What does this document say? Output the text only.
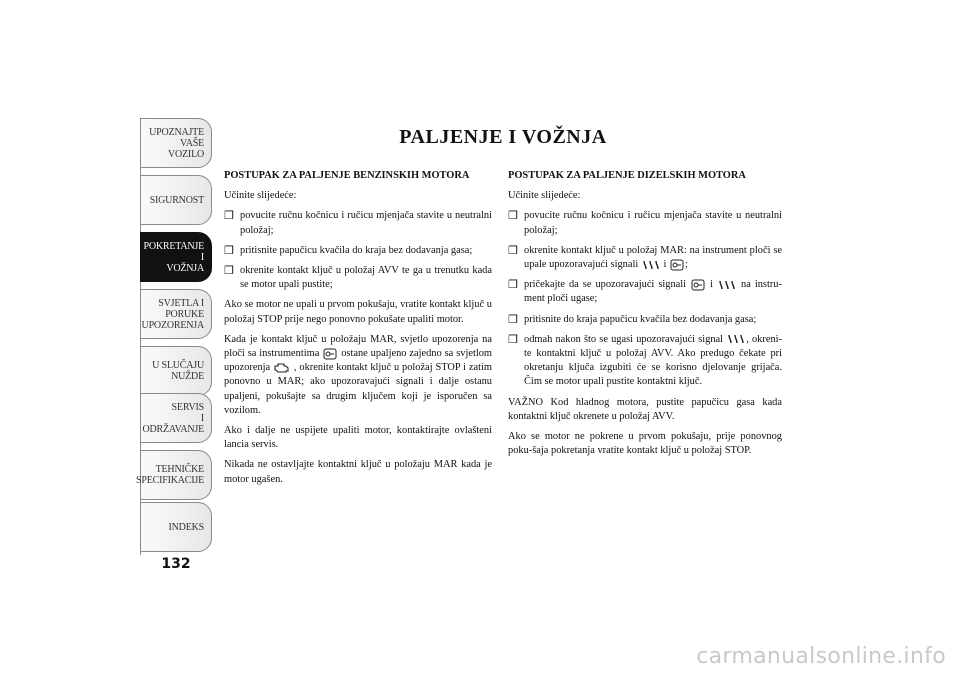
UPOZNAJTE
VAŠE
VOZILO
SIGURNOST
POKRETANJE
I
VOŽNJA
SVJETLA I
PORUKE
UPOZORENJA
U SLUČAJU
NUŽDE
SERVIS
I
ODRŽAVANJE
TEHNIČKE
SPECIFIKACIJE
INDEKS
132
PALJENJE I VOŽNJA
POSTUPAK ZA PALJENJE BENZINSKIH MOTORA

Učinite slijedeće:

❒ povucite ručnu kočnicu i ručicu mjenjača stavite u neutralni položaj;
❒ pritisnite papučicu kvačila do kraja bez dodavanja gasa;
❒ okrenite kontakt ključ u položaj AVV te ga u trenutku kada se motor upali pustite;

Ako se motor ne upali u prvom pokušaju, vratite kontakt ključ u položaj STOP prije nego ponovno pokušate upaliti motor.

Kada je kontakt ključ u položaju MAR, svjetlo upozorenja na ploči sa instrumentima ostane upaljeno zajedno sa svjetlom upozorenja , okrenite kontakt ključ u položaj STOP i zatim ponovno u MAR; ako upozoravajući signali i dalje ostanu upaljeni, pokušajte sa drugim ključem koji je isporučen sa vozilom.

Ako i dalje ne uspijete upaliti motor, kontaktirajte ovlašteni lancia servis.

Nikada ne ostavljajte kontaktni ključ u položaju MAR kada je motor ugašen.

POSTUPAK ZA PALJENJE DIZELSKIH MOTORA

Učinite slijedeće:

❒ povucite ručnu kočnicu i ručicu mjenjača stavite u neutralni položaj;
❒ okrenite kontakt ključ u položaj MAR: na instrument ploči se upale upozoravajući signali i ;
❒ pričekajte da se upozoravajući signali i	na instru-ment ploči ugase;
❒ pritisnite do kraja papučicu kvačila bez dodavanja gasa;
❒ odmah nakon što se ugasi upozoravajući signal , okreni-te kontaktni ključ u položaj AVV. Ako predugo čekate pri okretanju ključa izgubiti će se korisno djelovanje grijača. Čim se motor upali pustite kontaktni ključ.

VAŽNO Kod hladnog motora, pustite papučicu gasa kada kontaktni ključ okrenete u položaj AVV.

Ako se motor ne pokrene u prvom pokušaju, prije ponovnog poku-šaja pokretanja vratite kontakt ključ u položaj STOP.

carmanualsonline.info
